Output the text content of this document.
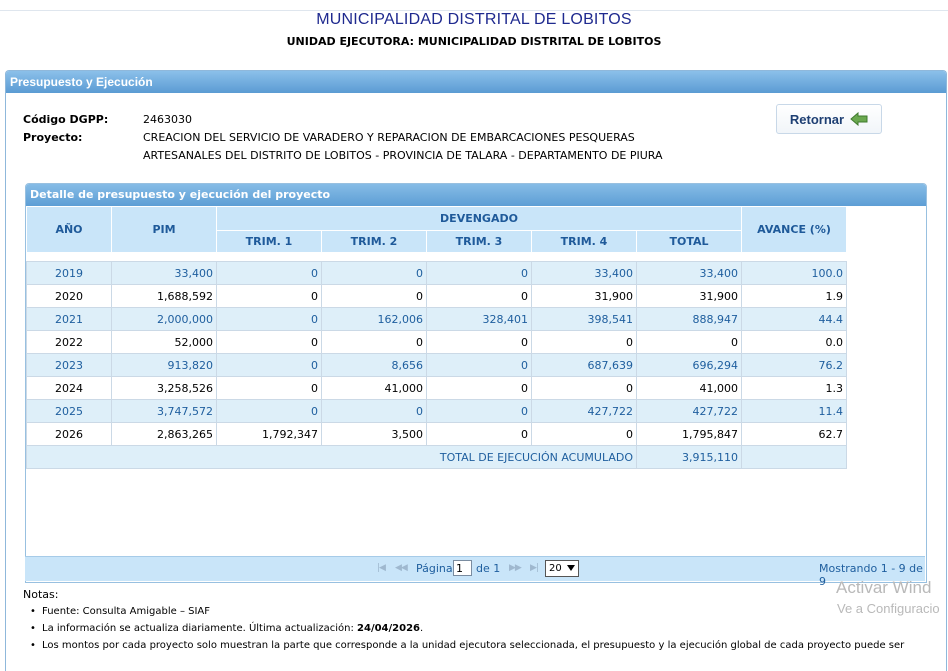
MUNICIPALIDAD DISTRITAL DE LOBITOS
UNIDAD EJECUTORA: MUNICIPALIDAD DISTRITAL DE LOBITOS
Presupuesto y Ejecución
Código DGPP:	2463030
Proyecto:	CREACION DEL SERVICIO DE VARADERO Y REPARACION DE EMBARCACIONES PESQUERAS ARTESANALES DEL DISTRITO DE LOBITOS - PROVINCIA DE TALARA - DEPARTAMENTO DE PIURA
Retornar
Detalle de presupuesto y ejecución del proyecto
AÑO	PIM	DEVENGADO					AVANCE (%)
		TRIM. 1	TRIM. 2	TRIM. 3	TRIM. 4	TOTAL	

2019	33,400	0	0	0	33,400	33,400	100.0
2020	1,688,592	0	0	0	31,900	31,900	1.9
2021	2,000,000	0	162,006	328,401	398,541	888,947	44.4
2022	52,000	0	0	0	0	0	0.0
2023	913,820	0	8,656	0	687,639	696,294	76.2
2024	3,258,526	0	41,000	0	0	41,000	1.3
2025	3,747,572	0	0	0	427,722	427,722	11.4
2026	2,863,265	1,792,347	3,500	0	0	1,795,847	62.7
TOTAL DE EJECUCIÓN ACUMULADO						3,915,110	
|◀ ◀◀ Página
1 de 1 ▶▶ ▶| 20	Mostrando 1 - 9 de 9
Notas:
• Fuente: Consulta Amigable – SIAF
• La información se actualiza diariamente. Última actualización: 24/04/2026.
• Los montos por cada proyecto solo muestran la parte que corresponde a la unidad ejecutora seleccionada, el presupuesto y la ejecución global de cada proyecto puede ser
Activar Wind
Ve a Configuracio
